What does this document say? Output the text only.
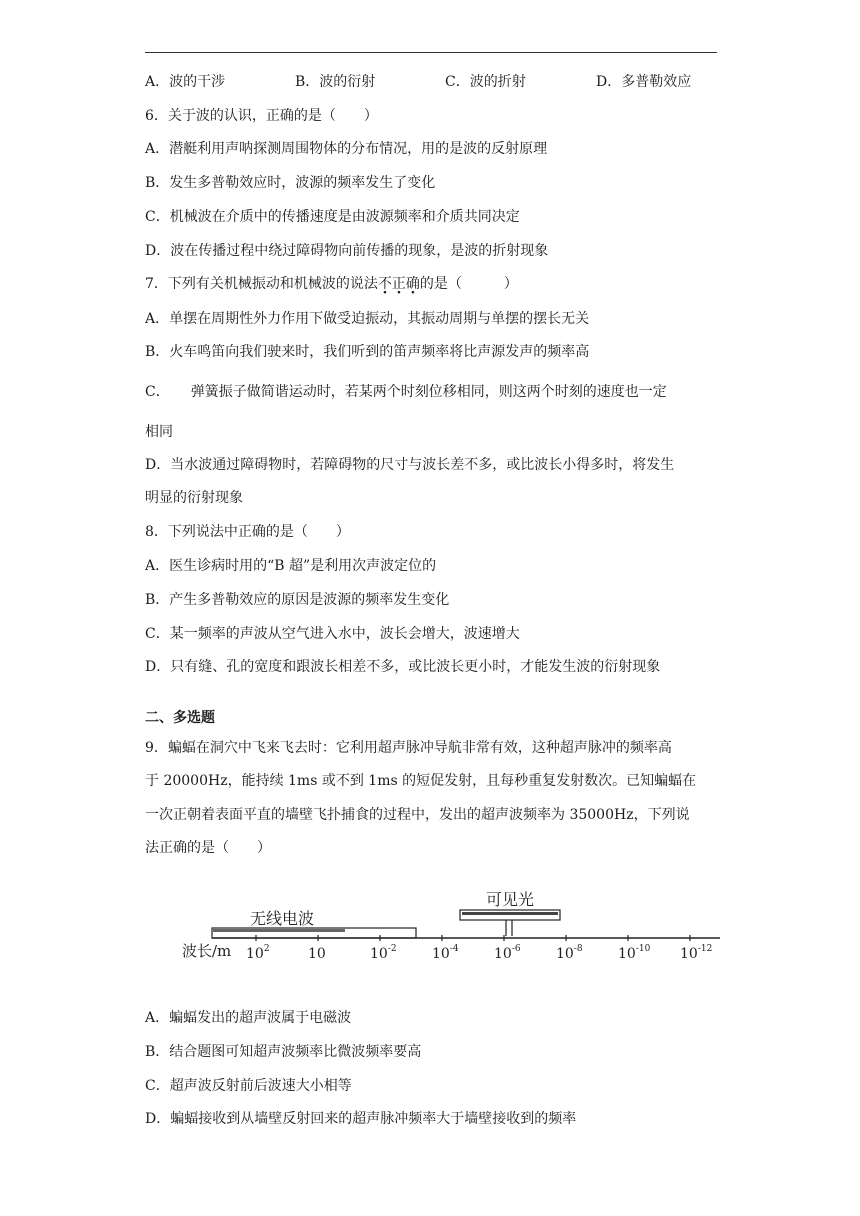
A．波的干涉	B．波的衍射	C．波的折射	D．多普勒效应
6．关于波的认识，正确的是（　　）
A．潜艇利用声呐探测周围物体的分布情况，用的是波的反射原理
B．发生多普勒效应时，波源的频率发生了变化
C．机械波在介质中的传播速度是由波源频率和介质共同决定
D．波在传播过程中绕过障碍物向前传播的现象，是波的折射现象
7．下列有关机械振动和机械波的说法不正确的是（　　　）
A．单摆在周期性外力作用下做受迫振动，其振动周期与单摆的摆长无关
B．火车鸣笛向我们驶来时，我们听到的笛声频率将比声源发声的频率高
C．　　弹簧振子做简谐运动时，若某两个时刻位移相同，则这两个时刻的速度也一定
相同
D．当水波通过障碍物时，若障碍物的尺寸与波长差不多，或比波长小得多时，将发生
明显的衍射现象
8．下列说法中正确的是（　　）
A．医生诊病时用的“B 超”是利用次声波定位的
B．产生多普勒效应的原因是波源的频率发生变化
C．某一频率的声波从空气进入水中，波长会增大，波速增大
D．只有缝、孔的宽度和跟波长相差不多，或比波长更小时，才能发生波的衍射现象
二、多选题
9．蝙蝠在洞穴中飞来飞去时：它利用超声脉冲导航非常有效，这种超声脉冲的频率高
于 20000Hz，能持续 1ms 或不到 1ms 的短促发射，且每秒重复发射数次。已知蝙蝠在
一次正朝着表面平直的墙壁飞扑捕食的过程中，发出的超声波频率为 35000Hz，下列说
法正确的是（　　）
无线电波
可见光
波长/m $10^2$	10	$10^{-2}$	$10^{-4}$	$10^{-6}$	$10^{-8}$	$10^{-10}$ $10^{-12}$
A．蝙蝠发出的超声波属于电磁波
B．结合题图可知超声波频率比微波频率要高
C．超声波反射前后波速大小相等
D．蝙蝠接收到从墙壁反射回来的超声脉冲频率大于墙壁接收到的频率
